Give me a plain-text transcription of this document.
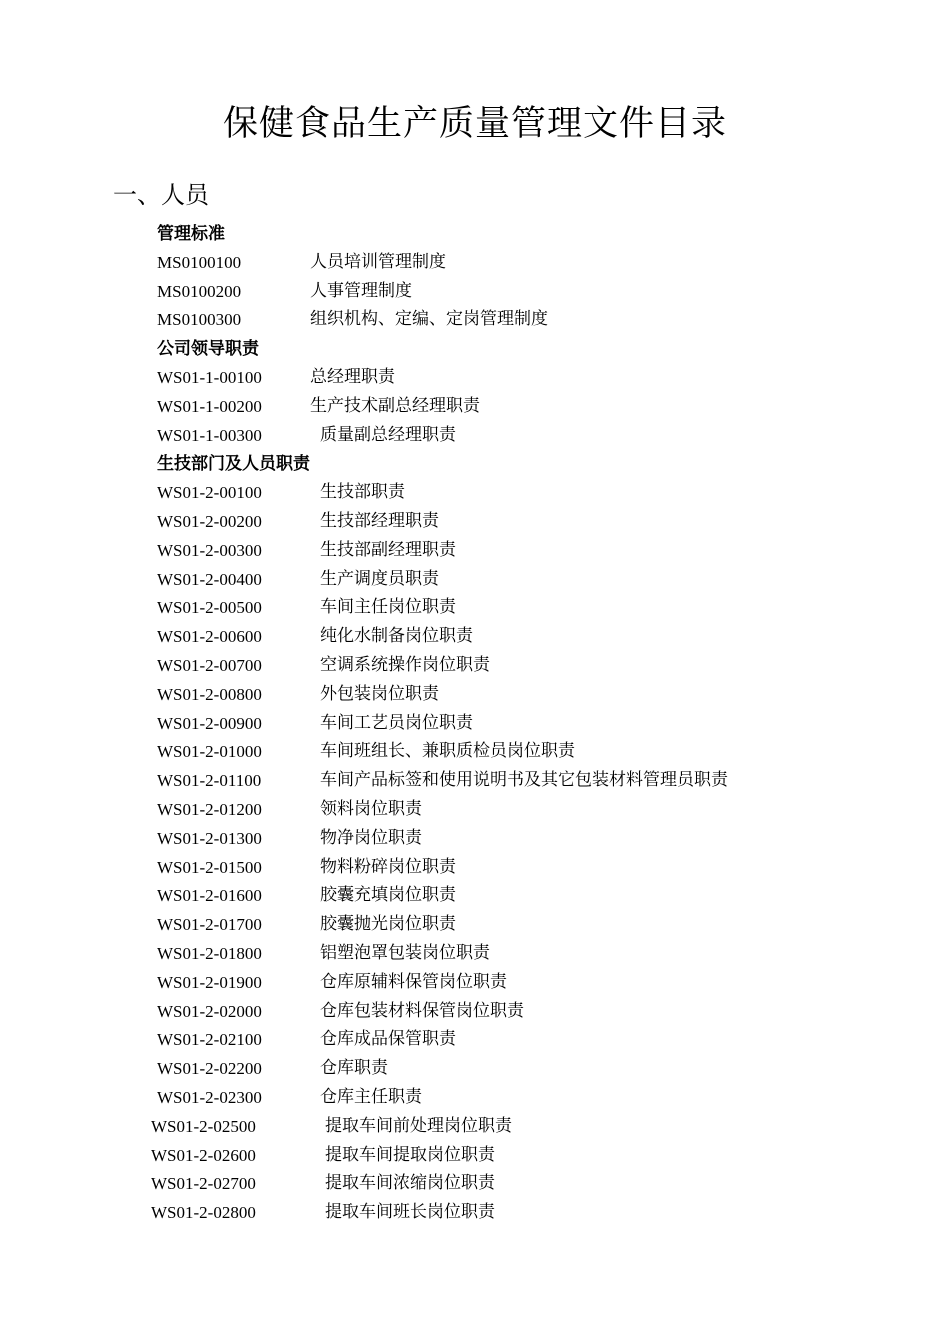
保健食品生产质量管理文件目录
一、人员
管理标准
MS0100100	人员培训管理制度
MS0100200	人事管理制度
MS0100300	组织机构、定编、定岗管理制度
公司领导职责
WS01-1-00100	总经理职责
WS01-1-00200	生产技术副总经理职责
WS01-1-00300	质量副总经理职责
生技部门及人员职责
WS01-2-00100	生技部职责
WS01-2-00200	生技部经理职责
WS01-2-00300	生技部副经理职责
WS01-2-00400	生产调度员职责
WS01-2-00500	车间主任岗位职责
WS01-2-00600	纯化水制备岗位职责
WS01-2-00700	空调系统操作岗位职责
WS01-2-00800	外包装岗位职责
WS01-2-00900	车间工艺员岗位职责
WS01-2-01000	车间班组长、兼职质检员岗位职责
WS01-2-01100	车间产品标签和使用说明书及其它包装材料管理员职责
WS01-2-01200	领料岗位职责
WS01-2-01300	物净岗位职责
WS01-2-01500	物料粉碎岗位职责
WS01-2-01600	胶囊充填岗位职责
WS01-2-01700	胶囊抛光岗位职责
WS01-2-01800	铝塑泡罩包装岗位职责
WS01-2-01900	仓库原辅料保管岗位职责
WS01-2-02000	仓库包装材料保管岗位职责
WS01-2-02100	仓库成品保管职责
WS01-2-02200	仓库职责
WS01-2-02300	仓库主任职责
WS01-2-02500	提取车间前处理岗位职责
WS01-2-02600	提取车间提取岗位职责
WS01-2-02700	提取车间浓缩岗位职责
WS01-2-02800	提取车间班长岗位职责
